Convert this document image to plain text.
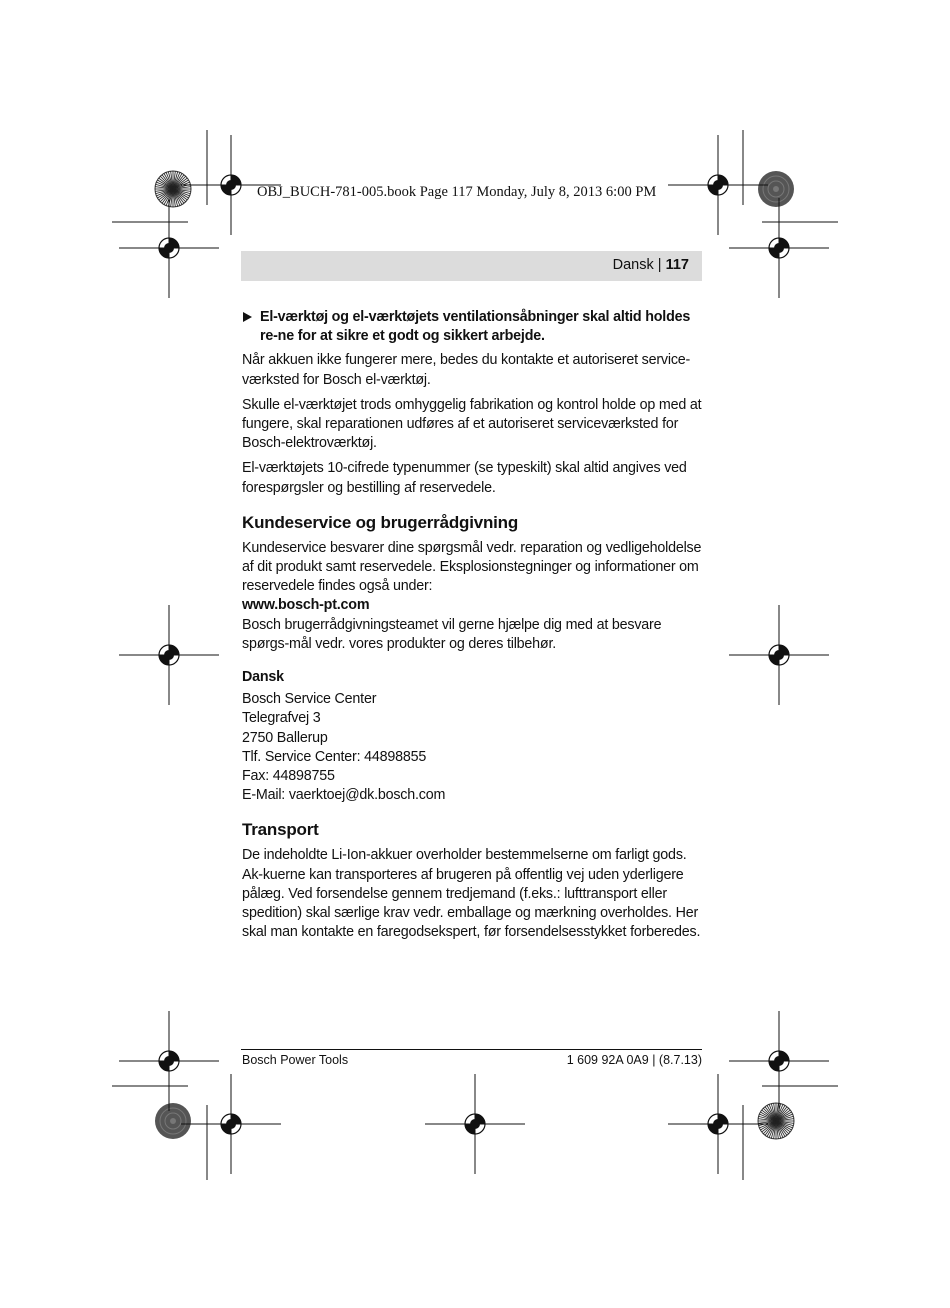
OBJ_BUCH-781-005.book Page 117 Monday, July 8, 2013 6:00 PM
Dansk | 117

El-værktøj og el-værktøjets ventilationsåbninger skal altid holdes re-ne for at sikre et godt og sikkert arbejde.

Når akkuen ikke fungerer mere, bedes du kontakte et autoriseret service-værksted for Bosch el-værktøj.

Skulle el-værktøjet trods omhyggelig fabrikation og kontrol holde op med at fungere, skal reparationen udføres af et autoriseret serviceværksted for Bosch-elektroværktøj.

El-værktøjets 10-cifrede typenummer (se typeskilt) skal altid angives ved forespørgsler og bestilling af reservedele.

Kundeservice og brugerrådgivning
Kundeservice besvarer dine spørgsmål vedr. reparation og vedligeholdelse af dit produkt samt reservedele. Eksplosionstegninger og informationer om reservedele findes også under:
www.bosch-pt.com
Bosch brugerrådgivningsteamet vil gerne hjælpe dig med at besvare spørgs-mål vedr. vores produkter og deres tilbehør.
Dansk
Bosch Service Center
Telegrafvej 3
2750 Ballerup
Tlf. Service Center: 44898855
Fax: 44898755
E-Mail: vaerktoej@dk.bosch.com
Transport

De indeholdte Li-Ion-akkuer overholder bestemmelserne om farligt gods. Ak-kuerne kan transporteres af brugeren på offentlig vej uden yderligere pålæg. Ved forsendelse gennem tredjemand (f.eks.: lufttransport eller spedition) skal særlige krav vedr. emballage og mærkning overholdes. Her skal man kontakte en faregodsekspert, før forsendelsesstykket forberedes.

Bosch Power Tools	1 609 92A 0A9 | (8.7.13)
